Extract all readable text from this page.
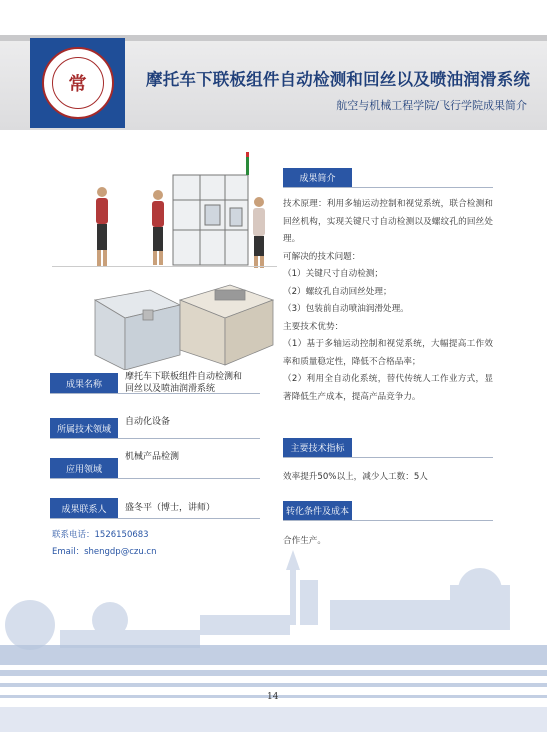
常	摩托车下联板组件自动检测和回丝以及喷油润滑系统
航空与机械工程学院/飞行学院成果简介
成果名称
摩托车下联板组件自动检测和
回丝以及喷油润滑系统
所属技术领域
自动化设备
应用领域
机械产品检测
成果联系人	盛冬平（博士，讲师）
联系电话：1526150683
Email：shengdp@czu.cn
成果简介

技术原理：利用多轴运动控制和视觉系统，联合检测和回丝机构，实现关键尺寸自动检测以及螺纹孔的回丝处理。

可解决的技术问题：

（1）关键尺寸自动检测；

（2）螺纹孔自动回丝处理；

（3）包装前自动喷油润滑处理。

主要技术优势：

（1）基于多轴运动控制和视觉系统，大幅提高工作效率和质量稳定性，降低不合格品率；

（2）利用全自动化系统，替代传统人工作业方式，显著降低生产成本，提高产品竞争力。

主要技术指标
效率提升50%以上，减少人工数：5人
转化条件及成本
合作生产。
14
